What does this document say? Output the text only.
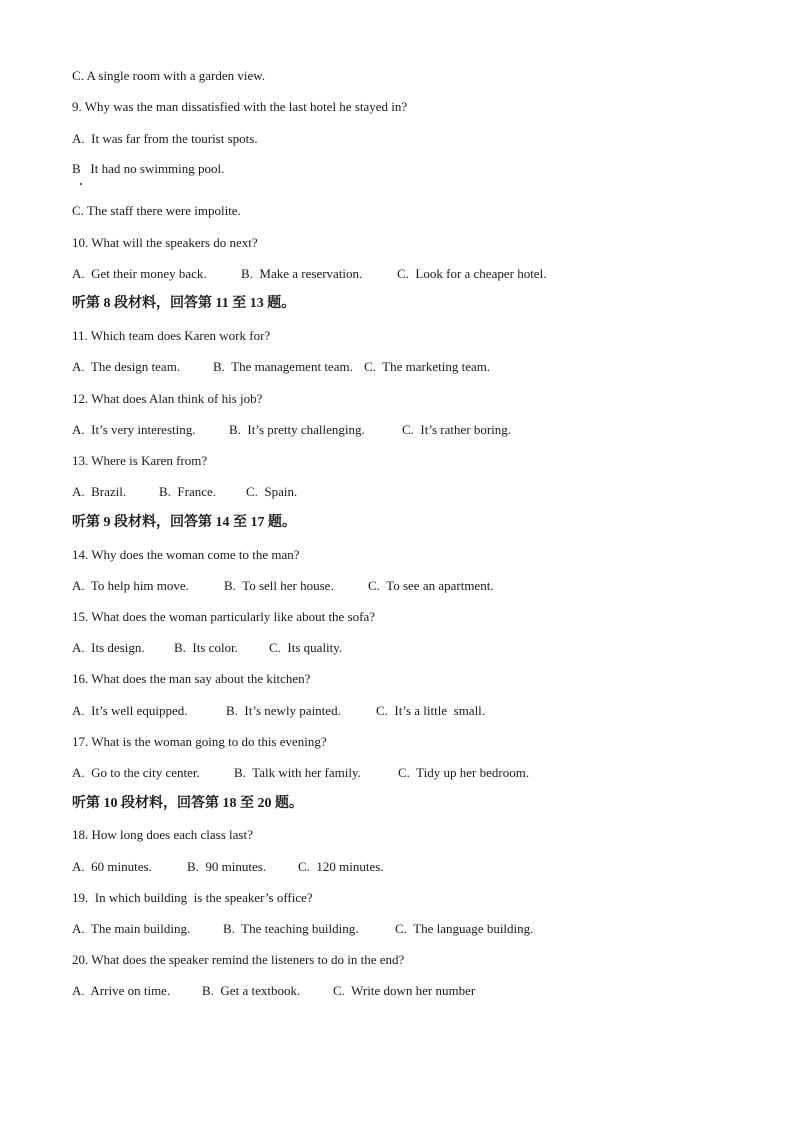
C. A single room with a garden view.
9. Why was the man dissatisfied with the last hotel he stayed in?
A.  It was far from the tourist spots.
B   It had no swimming pool.
C. The staff there were impolite.
10. What will the speakers do next?
A.  Get their money back.	B.  Make a reservation.	C.  Look for a cheaper hotel.
听第 8 段材料，回答第 11 至 13 题。
11. Which team does Karen work for?
A.  The design team.	B.  The management team. C.  The marketing team.
12. What does Alan think of his job?
A.  It’s very interesting.	B.  It’s pretty challenging.	C.  It’s rather boring.
13. Where is Karen from?
A.  Brazil.	B.  France. C.  Spain.
听第 9 段材料，回答第 14 至 17 题。
14. Why does the woman come to the man?
A.  To help him move.	B.  To sell her house.	C.  To see an apartment.
15. What does the woman particularly like about the sofa?
A.  Its design. B.  Its color. C.  Its quality.
16. What does the man say about the kitchen?
A.  It’s well equipped.	B.  It’s newly painted.	C.  It’s a little  small.
17. What is the woman going to do this evening?
A.  Go to the city center.	B.  Talk with her family.	C.  Tidy up her bedroom.
听第 10 段材料，回答第 18 至 20 题。
18. How long does each class last?
A.  60 minutes.	B.  90 minutes. C.  120 minutes.
19.  In which building  is the speaker’s office?
A.  The main building.	B.  The teaching building.	C.  The language building.
20. What does the speaker remind the listeners to do in the end?
A.  Arrive on time. B.  Get a textbook.	C.  Write down her number
